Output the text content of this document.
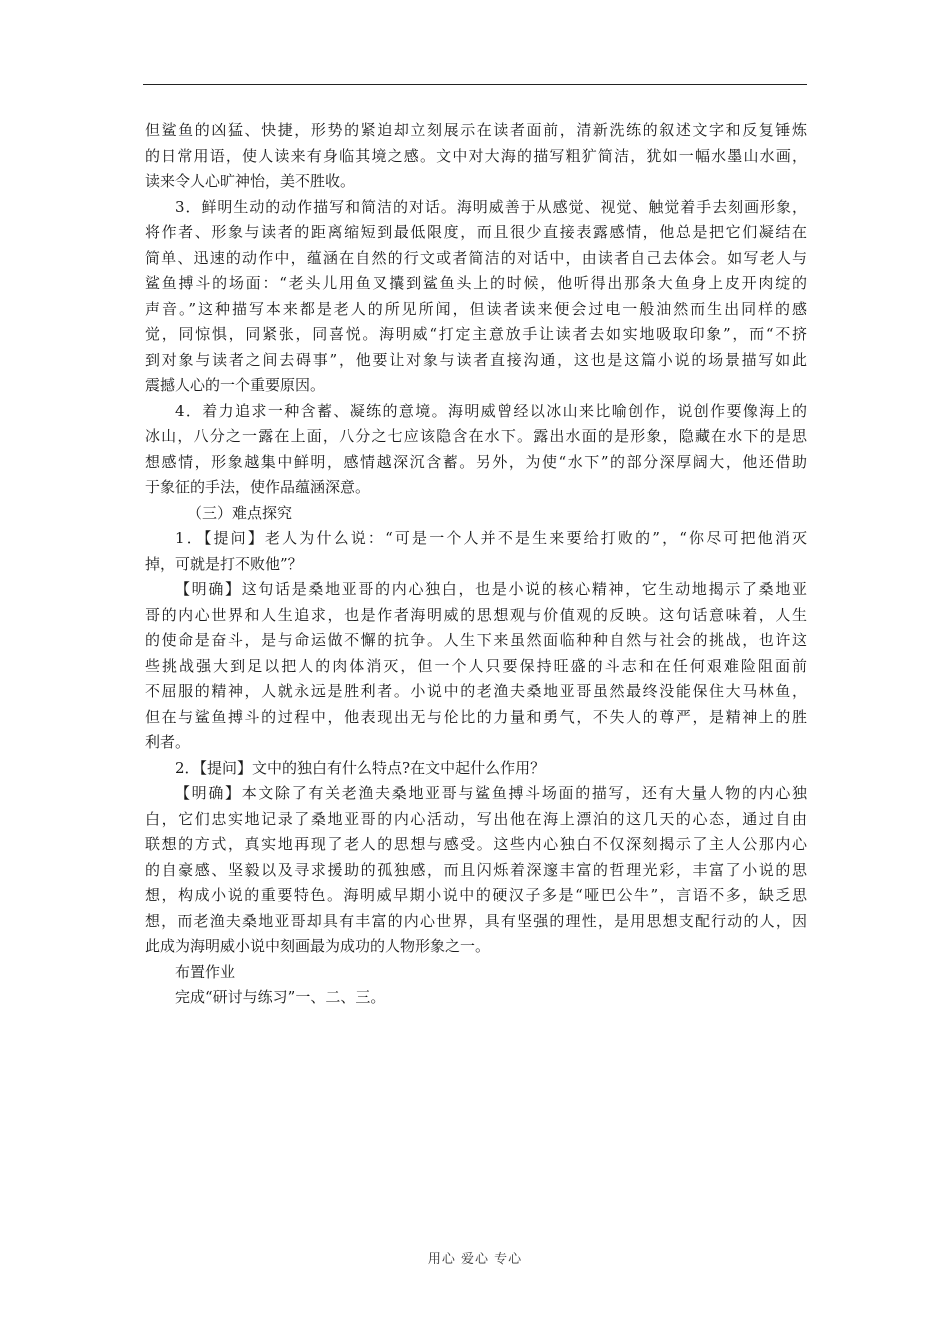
但鲨鱼的凶猛、快捷，形势的紧迫却立刻展示在读者面前，清新洗练的叙述文字和反复锤炼
的日常用语，使人读来有身临其境之感。文中对大海的描写粗犷简洁，犹如一幅水墨山水画，
读来令人心旷神怡，美不胜收。
3．鲜明生动的动作描写和简洁的对话。海明威善于从感觉、视觉、触觉着手去刻画形象，
将作者、形象与读者的距离缩短到最低限度，而且很少直接表露感情，他总是把它们凝结在
简单、迅速的动作中，蕴涵在自然的行文或者简洁的对话中，由读者自己去体会。如写老人与
鲨鱼搏斗的场面：“老头儿用鱼叉攮到鲨鱼头上的时候，他听得出那条大鱼身上皮开肉绽的
声音。”这种描写本来都是老人的所见所闻，但读者读来便会过电一般油然而生出同样的感
觉，同惊惧，同紧张，同喜悦。海明威“打定主意放手让读者去如实地吸取印象”，而“不挤
到对象与读者之间去碍事”，他要让对象与读者直接沟通，这也是这篇小说的场景描写如此
震撼人心的一个重要原因。
4．着力追求一种含蓄、凝练的意境。海明威曾经以冰山来比喻创作，说创作要像海上的
冰山，八分之一露在上面，八分之七应该隐含在水下。露出水面的是形象，隐藏在水下的是思
想感情，形象越集中鲜明，感情越深沉含蓄。另外，为使“水下”的部分深厚阔大，他还借助
于象征的手法，使作品蕴涵深意。
（三）难点探究
1．【提问】老人为什么说：“可是一个人并不是生来要给打败的”，“你尽可把他消灭
掉，可就是打不败他”？
【明确】这句话是桑地亚哥的内心独白，也是小说的核心精神，它生动地揭示了桑地亚
哥的内心世界和人生追求，也是作者海明威的思想观与价值观的反映。这句话意味着，人生
的使命是奋斗，是与命运做不懈的抗争。人生下来虽然面临种种自然与社会的挑战，也许这
些挑战强大到足以把人的肉体消灭，但一个人只要保持旺盛的斗志和在任何艰难险阻面前
不屈服的精神，人就永远是胜利者。小说中的老渔夫桑地亚哥虽然最终没能保住大马林鱼，
但在与鲨鱼搏斗的过程中，他表现出无与伦比的力量和勇气，不失人的尊严，是精神上的胜
利者。
2．【提问】文中的独白有什么特点?在文中起什么作用？
【明确】本文除了有关老渔夫桑地亚哥与鲨鱼搏斗场面的描写，还有大量人物的内心独
白，它们忠实地记录了桑地亚哥的内心活动，写出他在海上漂泊的这几天的心态，通过自由
联想的方式，真实地再现了老人的思想与感受。这些内心独白不仅深刻揭示了主人公那内心
的自豪感、坚毅以及寻求援助的孤独感，而且闪烁着深邃丰富的哲理光彩，丰富了小说的思
想，构成小说的重要特色。海明威早期小说中的硬汉子多是“哑巴公牛”，言语不多，缺乏思
想，而老渔夫桑地亚哥却具有丰富的内心世界，具有坚强的理性，是用思想支配行动的人，因
此成为海明威小说中刻画最为成功的人物形象之一。
布置作业
完成“研讨与练习”一、二、三。
用心 爱心 专心
